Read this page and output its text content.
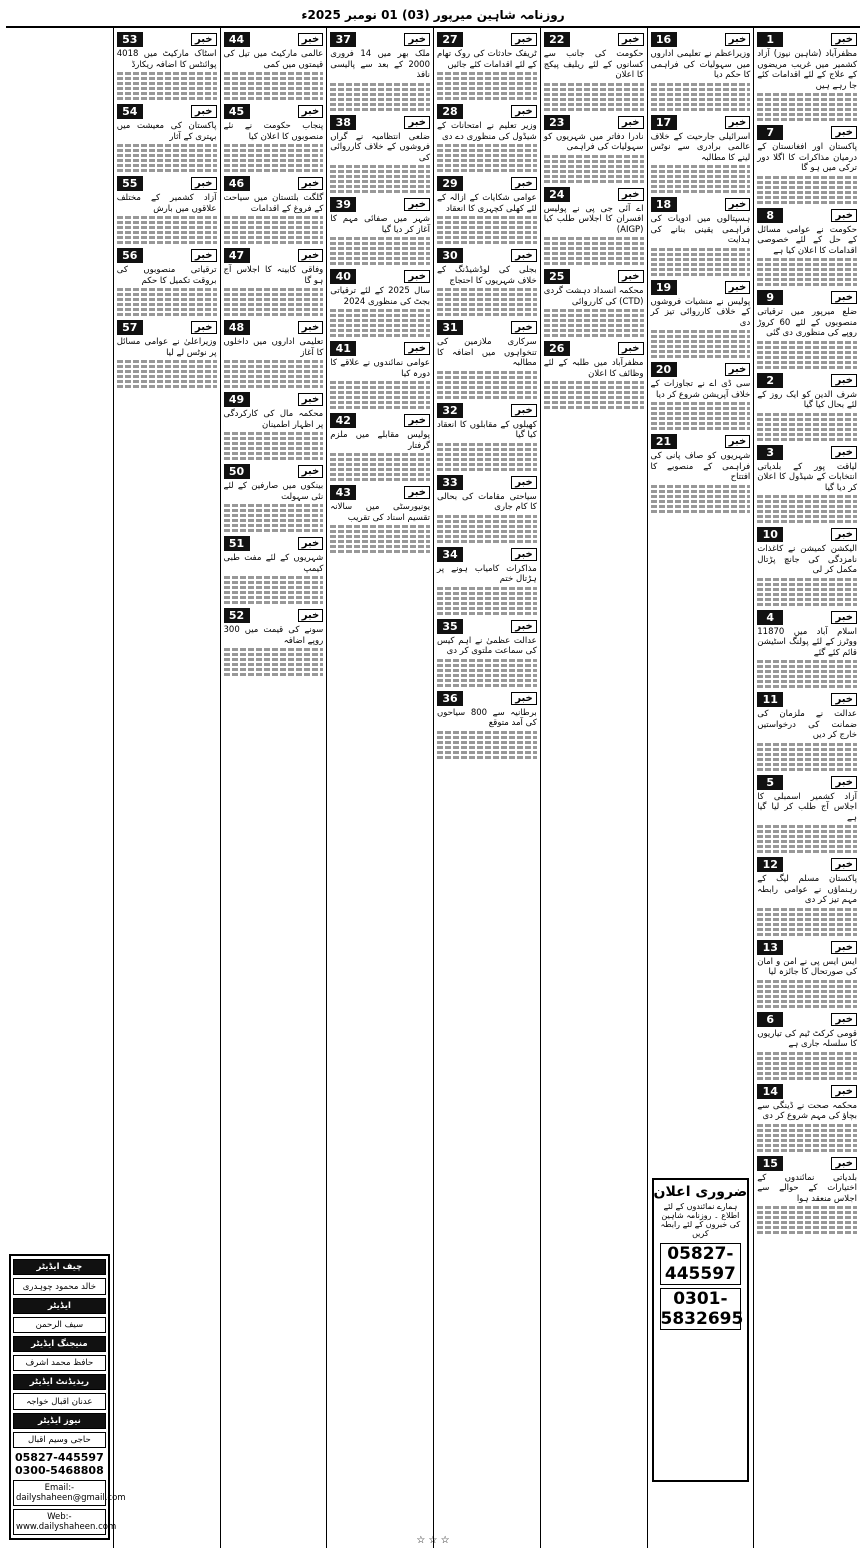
روزنامہ شاہین میرپور (03) 01 نومبر 2025ء
خبر
1
مظفرآباد (شاہین نیوز) آزاد کشمیر میں غریب مریضوں کے علاج کے لئے اقدامات کئے جا رہے ہیں
خبر
7
پاکستان اور افغانستان کے درمیان مذاکرات کا اگلا دور ترکی میں ہو گا
خبر
8
حکومت نے عوامی مسائل کے حل کے لئے خصوصی اقدامات کا اعلان کیا ہے
خبر
9
ضلع میرپور میں ترقیاتی منصوبوں کے لئے 60 کروڑ روپے کی منظوری دی گئی
خبر
2
شرف الدین کو ایک روز کے لئے بحال کیا گیا
خبر
3
لیاقت پور کے بلدیاتی انتخابات کے شیڈول کا اعلان کر دیا گیا
خبر
10
الیکشن کمیشن نے کاغذات نامزدگی کی جانچ پڑتال مکمل کر لی
خبر
4
اسلام آباد میں 11870 ووٹرز کے لئے پولنگ اسٹیشن قائم کئے گئے
خبر
11
عدالت نے ملزمان کی ضمانت کی درخواستیں خارج کر دیں
خبر
5
آزاد کشمیر اسمبلی کا اجلاس آج طلب کر لیا گیا ہے
خبر
12
پاکستان مسلم لیگ کے رہنماؤں نے عوامی رابطہ مہم تیز کر دی
خبر
13
ایس ایس پی نے امن و امان کی صورتحال کا جائزہ لیا
خبر
6
قومی کرکٹ ٹیم کی تیاریوں کا سلسلہ جاری ہے
خبر
14
محکمہ صحت نے ڈینگی سے بچاؤ کی مہم شروع کر دی
خبر
15
بلدیاتی نمائندوں کے اختیارات کے حوالے سے اجلاس منعقد ہوا
خبر
16
وزیراعظم نے تعلیمی اداروں میں سہولیات کی فراہمی کا حکم دیا
خبر
17
اسرائیلی جارحیت کے خلاف عالمی برادری سے نوٹس لینے کا مطالبہ
خبر
18
ہسپتالوں میں ادویات کی فراہمی یقینی بنانے کی ہدایت
خبر
19
پولیس نے منشیات فروشوں کے خلاف کارروائی تیز کر دی
خبر
20
سی ڈی اے نے تجاوزات کے خلاف آپریشن شروع کر دیا
خبر
21
شہریوں کو صاف پانی کی فراہمی کے منصوبے کا افتتاح
ضروری اعلان
ہمارے نمائندوں کے لئے اطلاع ۔ روزنامہ شاہین کی خبروں کے لئے رابطہ کریں
05827-445597
0301-5832695
خبر
22
حکومت کی جانب سے کسانوں کے لئے ریلیف پیکج کا اعلان
خبر
23
نادرا دفاتر میں شہریوں کو سہولیات کی فراہمی
خبر
24
اے آئی جی پی نے پولیس افسران کا اجلاس طلب کیا (AIGP)
خبر
25
محکمہ انسداد دہشت گردی (CTD) کی کارروائی
خبر
26
مظفرآباد میں طلبہ کے لئے وظائف کا اعلان
خبر
27
ٹریفک حادثات کی روک تھام کے لئے اقدامات کئے جائیں
خبر
28
وزیر تعلیم نے امتحانات کے شیڈول کی منظوری دے دی
خبر
29
عوامی شکایات کے ازالہ کے لئے کھلی کچہری کا انعقاد
خبر
30
بجلی کی لوڈشیڈنگ کے خلاف شہریوں کا احتجاج
خبر
31
سرکاری ملازمین کی تنخواہوں میں اضافہ کا مطالبہ
خبر
32
کھیلوں کے مقابلوں کا انعقاد کیا گیا
خبر
33
سیاحتی مقامات کی بحالی کا کام جاری
خبر
34
مذاکرات کامیاب ہونے پر ہڑتال ختم
خبر
35
عدالت عظمیٰ نے اہم کیس کی سماعت ملتوی کر دی
خبر
36
برطانیہ سے 800 سیاحوں کی آمد متوقع
خبر
37
ملک بھر میں 14 فروری 2000 کے بعد سے پالیسی نافذ
خبر
38
ضلعی انتظامیہ نے گراں فروشوں کے خلاف کارروائی کی
خبر
39
شہر میں صفائی مہم کا آغاز کر دیا گیا
خبر
40
سال 2025 کے لئے ترقیاتی بجٹ کی منظوری 2024
خبر
41
عوامی نمائندوں نے علاقے کا دورہ کیا
خبر
42
پولیس مقابلے میں ملزم گرفتار
خبر
43
یونیورسٹی میں سالانہ تقسیم اسناد کی تقریب
خبر
44
عالمی مارکیٹ میں تیل کی قیمتوں میں کمی
خبر
45
پنجاب حکومت نے نئے منصوبوں کا اعلان کیا
خبر
46
گلگت بلتستان میں سیاحت کے فروغ کے اقدامات
خبر
47
وفاقی کابینہ کا اجلاس آج ہو گا
خبر
48
تعلیمی اداروں میں داخلوں کا آغاز
خبر
49
محکمہ مال کی کارکردگی پر اظہار اطمینان
خبر
50
بینکوں میں صارفین کے لئے نئی سہولت
خبر
51
شہریوں کے لئے مفت طبی کیمپ
خبر
52
سونے کی قیمت میں 300 روپے اضافہ
خبر
53
اسٹاک مارکیٹ میں 4018 پوائنٹس کا اضافہ ریکارڈ
خبر
54
پاکستان کی معیشت میں بہتری کے آثار
خبر
55
آزاد کشمیر کے مختلف علاقوں میں بارش
خبر
56
ترقیاتی منصوبوں کی بروقت تکمیل کا حکم
خبر
57
وزیراعلیٰ نے عوامی مسائل پر نوٹس لے لیا
چیف ایڈیٹر
خالد محمود چوہدری
ایڈیٹر
سیف الرحمن
منیجنگ ایڈیٹر
حافظ محمد اشرف
ریذیڈنٹ ایڈیٹر
عدنان اقبال خواجہ
نیوز ایڈیٹر
حاجی وسیم اقبال
05827-445597
0300-5468808
Email:-dailyshaheen@gmail.com
Web:-www.dailyshaheen.com
☆ ☆ ☆
